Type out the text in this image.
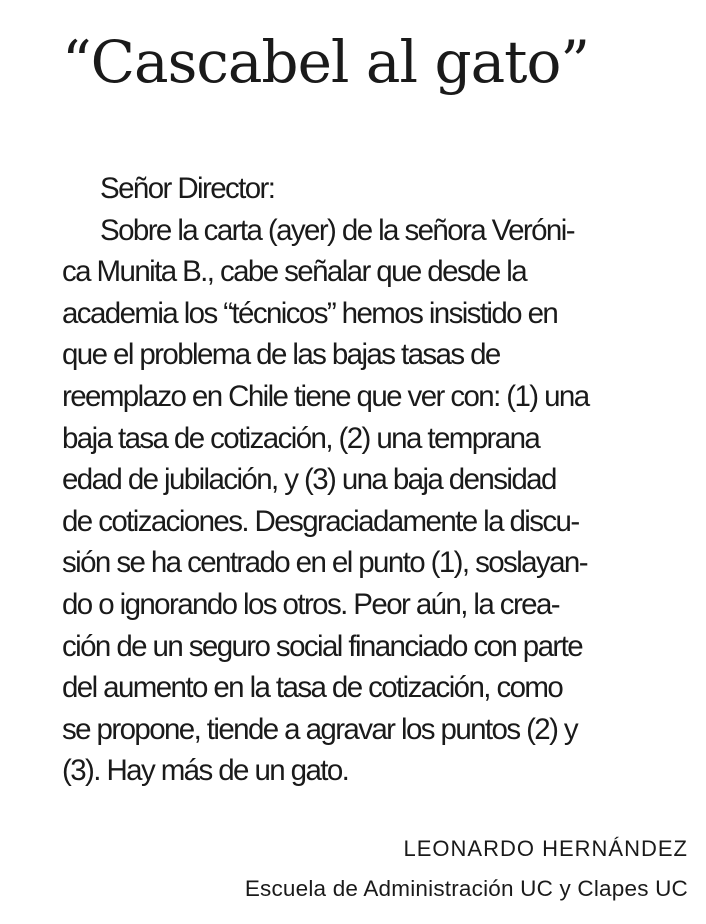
“Cascabel al gato”
Señor Director:
Sobre la carta (ayer) de la señora Veróni-
ca Munita B., cabe señalar que desde la
academia los “técnicos” hemos insistido en
que el problema de las bajas tasas de
reemplazo en Chile tiene que ver con: (1) una
baja tasa de cotización, (2) una temprana
edad de jubilación, y (3) una baja densidad
de cotizaciones. Desgraciadamente la discu-
sión se ha centrado en el punto (1), soslayan-
do o ignorando los otros. Peor aún, la crea-
ción de un seguro social financiado con parte
del aumento en la tasa de cotización, como
se propone, tiende a agravar los puntos (2) y
(3). Hay más de un gato.
LEONARDO HERNÁNDEZ
Escuela de Administración UC y Clapes UC
